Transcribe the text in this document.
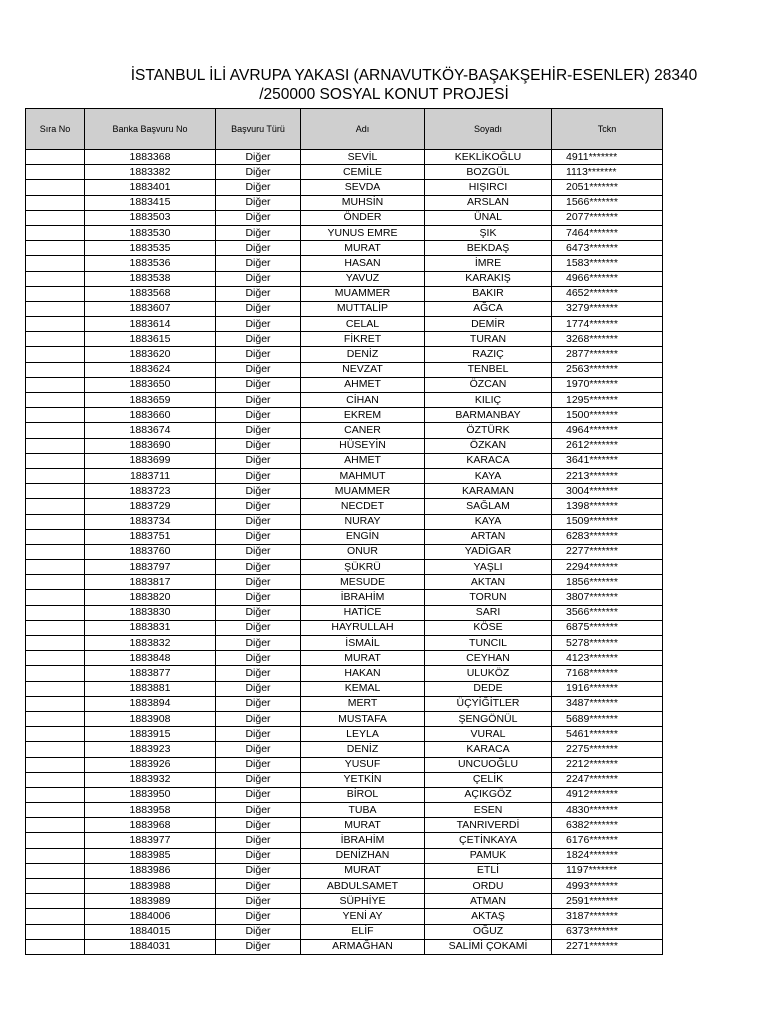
İSTANBUL İLİ AVRUPA YAKASI (ARNAVUTKÖY-BAŞAKŞEHİR-ESENLER) 28340
/250000 SOSYAL KONUT PROJESİ
Sıra No	Banka Başvuru No	Başvuru Türü	Adı	Soyadı	Tckn
	1883368	Diğer	SEVİL	KEKLİKOĞLU	4911*******
	1883382	Diğer	CEMİLE	BOZGÜL	1113*******
	1883401	Diğer	SEVDA	HIŞIRCI	2051*******
	1883415	Diğer	MUHSİN	ARSLAN	1566*******
	1883503	Diğer	ÖNDER	ÜNAL	2077*******
	1883530	Diğer	YUNUS EMRE	ŞIK	7464*******
	1883535	Diğer	MURAT	BEKDAŞ	6473*******
	1883536	Diğer	HASAN	İMRE	1583*******
	1883538	Diğer	YAVUZ	KARAKIŞ	4966*******
	1883568	Diğer	MUAMMER	BAKIR	4652*******
	1883607	Diğer	MUTTALİP	AĞCA	3279*******
	1883614	Diğer	CELAL	DEMİR	1774*******
	1883615	Diğer	FİKRET	TURAN	3268*******
	1883620	Diğer	DENİZ	RAZIÇ	2877*******
	1883624	Diğer	NEVZAT	TENBEL	2563*******
	1883650	Diğer	AHMET	ÖZCAN	1970*******
	1883659	Diğer	CİHAN	KILIÇ	1295*******
	1883660	Diğer	EKREM	BARMANBAY	1500*******
	1883674	Diğer	CANER	ÖZTÜRK	4964*******
	1883690	Diğer	HÜSEYİN	ÖZKAN	2612*******
	1883699	Diğer	AHMET	KARACA	3641*******
	1883711	Diğer	MAHMUT	KAYA	2213*******
	1883723	Diğer	MUAMMER	KARAMAN	3004*******
	1883729	Diğer	NECDET	SAĞLAM	1398*******
	1883734	Diğer	NURAY	KAYA	1509*******
	1883751	Diğer	ENGİN	ARTAN	6283*******
	1883760	Diğer	ONUR	YADİGAR	2277*******
	1883797	Diğer	ŞÜKRÜ	YAŞLI	2294*******
	1883817	Diğer	MESUDE	AKTAN	1856*******
	1883820	Diğer	İBRAHİM	TORUN	3807*******
	1883830	Diğer	HATİCE	SARI	3566*******
	1883831	Diğer	HAYRULLAH	KÖSE	6875*******
	1883832	Diğer	İSMAİL	TUNCIL	5278*******
	1883848	Diğer	MURAT	CEYHAN	4123*******
	1883877	Diğer	HAKAN	ULUKÖZ	7168*******
	1883881	Diğer	KEMAL	DEDE	1916*******
	1883894	Diğer	MERT	ÜÇYİĞİTLER	3487*******
	1883908	Diğer	MUSTAFA	ŞENGÖNÜL	5689*******
	1883915	Diğer	LEYLA	VURAL	5461*******
	1883923	Diğer	DENİZ	KARACA	2275*******
	1883926	Diğer	YUSUF	UNCUOĞLU	2212*******
	1883932	Diğer	YETKİN	ÇELİK	2247*******
	1883950	Diğer	BİROL	AÇIKGÖZ	4912*******
	1883958	Diğer	TUBA	ESEN	4830*******
	1883968	Diğer	MURAT	TANRIVERDİ	6382*******
	1883977	Diğer	İBRAHİM	ÇETİNKAYA	6176*******
	1883985	Diğer	DENİZHAN	PAMUK	1824*******
	1883986	Diğer	MURAT	ETLİ	1197*******
	1883988	Diğer	ABDULSAMET	ORDU	4993*******
	1883989	Diğer	SÜPHİYE	ATMAN	2591*******
	1884006	Diğer	YENİ AY	AKTAŞ	3187*******
	1884015	Diğer	ELİF	OĞUZ	6373*******
	1884031	Diğer	ARMAĞHAN	SALİMİ ÇOKAMİ	2271*******
